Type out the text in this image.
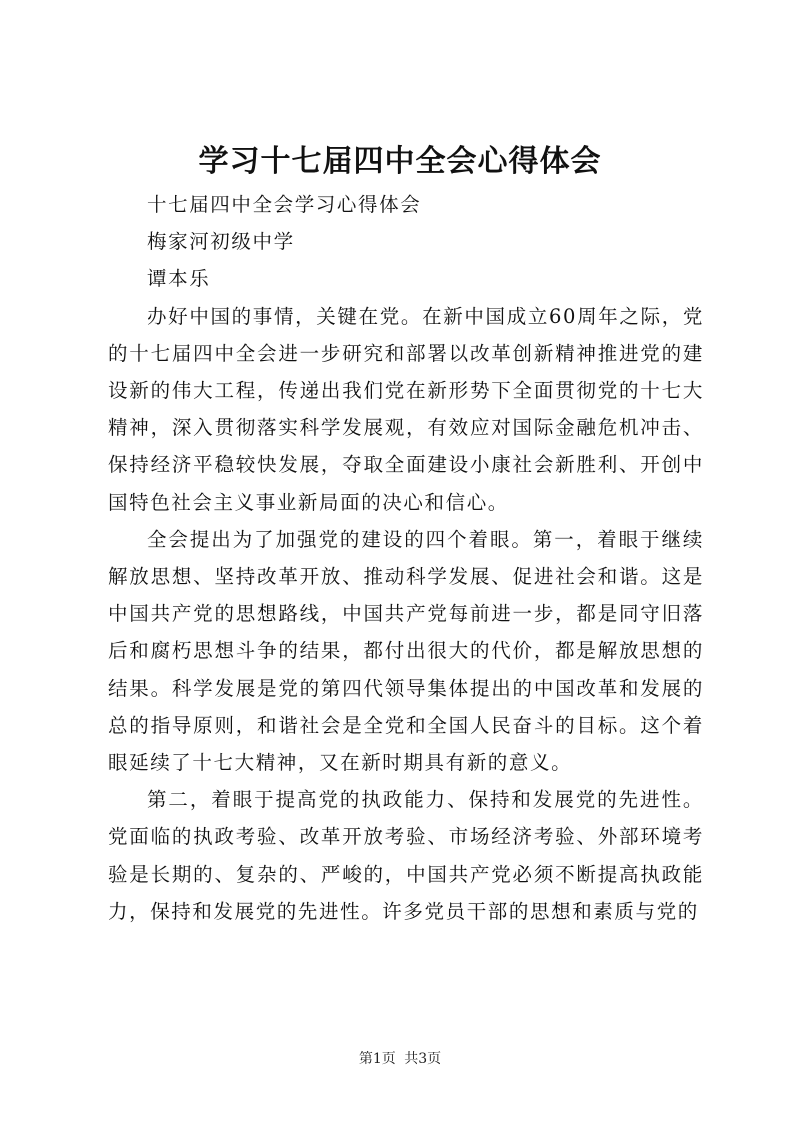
学习十七届四中全会心得体会

十七届四中全会学习心得体会

梅家河初级中学

谭本乐

办好中国的事情，关键在党。在新中国成立60周年之际，党的十七届四中全会进一步研究和部署以改革创新精神推进党的建设新的伟大工程，传递出我们党在新形势下全面贯彻党的十七大精神，深入贯彻落实科学发展观，有效应对国际金融危机冲击、保持经济平稳较快发展，夺取全面建设小康社会新胜利、开创中国特色社会主义事业新局面的决心和信心。

全会提出为了加强党的建设的四个着眼。第一，着眼于继续解放思想、坚持改革开放、推动科学发展、促进社会和谐。这是中国共产党的思想路线，中国共产党每前进一步，都是同守旧落后和腐朽思想斗争的结果，都付出很大的代价，都是解放思想的结果。科学发展是党的第四代领导集体提出的中国改革和发展的总的指导原则，和谐社会是全党和全国人民奋斗的目标。这个着眼延续了十七大精神，又在新时期具有新的意义。

第二，着眼于提高党的执政能力、保持和发展党的先进性。党面临的执政考验、改革开放考验、市场经济考验、外部环境考验是长期的、复杂的、严峻的，中国共产党必须不断提高执政能力，保持和发展党的先进性。许多党员干部的思想和素质与党的

第1页 共3页
